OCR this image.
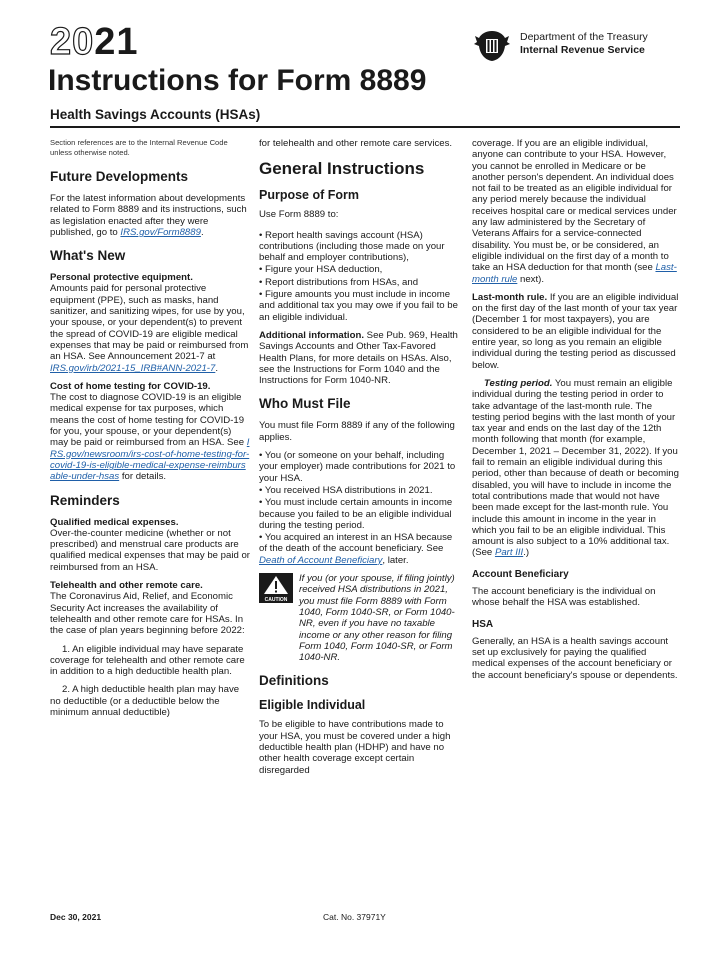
2021
Instructions for Form 8889
Department of the Treasury
Internal Revenue Service
Health Savings Accounts (HSAs)

Section references are to the Internal Revenue Code unless otherwise noted.

Future Developments

For the latest information about developments related to Form 8889 and its instructions, such as legislation enacted after they were published, go to IRS.gov/Form8889.

What's New

Personal protective equipment.
Amounts paid for personal protective equipment (PPE), such as masks, hand sanitizer, and sanitizing wipes, for use by you, your spouse, or your dependent(s) to prevent the spread of COVID-19 are eligible medical expenses that may be paid or reimbursed from an HSA. See Announcement 2021-7 at IRS.gov/irb/2021-15_IRB#ANN-2021-7.

Cost of home testing for COVID-19.
The cost to diagnose COVID-19 is an eligible medical expense for tax purposes, which means the cost of home testing for COVID-19 for you, your spouse, or your dependent(s) may be paid or reimbursed from an HSA. See IRS.gov/newsroom/irs-cost-of-home-testing-for-covid-19-is-eligible-medical-expense-reimbursable-under-hsas for details.

Reminders

Qualified medical expenses.
Over-the-counter medicine (whether or not prescribed) and menstrual care products are qualified medical expenses that may be paid or reimbursed from an HSA.

Telehealth and other remote care.
The Coronavirus Aid, Relief, and Economic Security Act increases the availability of telehealth and other remote care for HSAs. In the case of plan years beginning before 2022:

1. An eligible individual may have separate coverage for telehealth and other remote care in addition to a high deductible health plan.

2. A high deductible health plan may have no deductible (or a deductible below the minimum annual deductible)

for telehealth and other remote care services.

General Instructions
Purpose of Form

Use Form 8889 to:

• Report health savings account (HSA) contributions (including those made on your behalf and employer contributions),

• Figure your HSA deduction,

• Report distributions from HSAs, and

• Figure amounts you must include in income and additional tax you may owe if you fail to be an eligible individual.

Additional information. See Pub. 969, Health Savings Accounts and Other Tax-Favored Health Plans, for more details on HSAs. Also, see the Instructions for Form 1040 and the Instructions for Form 1040-NR.

Who Must File

You must file Form 8889 if any of the following applies.

• You (or someone on your behalf, including your employer) made contributions for 2021 to your HSA.

• You received HSA distributions in 2021.

• You must include certain amounts in income because you failed to be an eligible individual during the testing period.

• You acquired an interest in an HSA because of the death of the account beneficiary. See Death of Account Beneficiary, later.

CAUTION
If you (or your spouse, if filing jointly) received HSA distributions in 2021, you must file Form 8889 with Form 1040, Form 1040-SR, or Form 1040-NR, even if you have no taxable income or any other reason for filing Form 1040, Form 1040-SR, or Form 1040-NR.
Definitions
Eligible Individual

To be eligible to have contributions made to your HSA, you must be covered under a high deductible health plan (HDHP) and have no other health coverage except certain disregarded

coverage. If you are an eligible individual, anyone can contribute to your HSA. However, you cannot be enrolled in Medicare or be another person's dependent. An individual does not fail to be treated as an eligible individual for any period merely because the individual receives hospital care or medical services under any law administered by the Secretary of Veterans Affairs for a service-connected disability. You must be, or be considered, an eligible individual on the first day of a month to take an HSA deduction for that month (see Last-month rule next).

Last-month rule. If you are an eligible individual on the first day of the last month of your tax year (December 1 for most taxpayers), you are considered to be an eligible individual for the entire year, so long as you remain an eligible individual during the testing period as discussed below.

Testing period. You must remain an eligible individual during the testing period in order to take advantage of the last-month rule. The testing period begins with the last month of your tax year and ends on the last day of the 12th month following that month (for example, December 1, 2021 – December 31, 2022). If you fail to remain an eligible individual during this period, other than because of death or becoming disabled, you will have to include in income the total contributions made that would not have been made except for the last-month rule. You include this amount in income in the year in which you fail to be an eligible individual. This amount is also subject to a 10% additional tax. (See Part III.)

Account Beneficiary

The account beneficiary is the individual on whose behalf the HSA was established.

HSA

Generally, an HSA is a health savings account set up exclusively for paying the qualified medical expenses of the account beneficiary or the account beneficiary's spouse or dependents.

Dec 30, 2021	Cat. No. 37971Y
